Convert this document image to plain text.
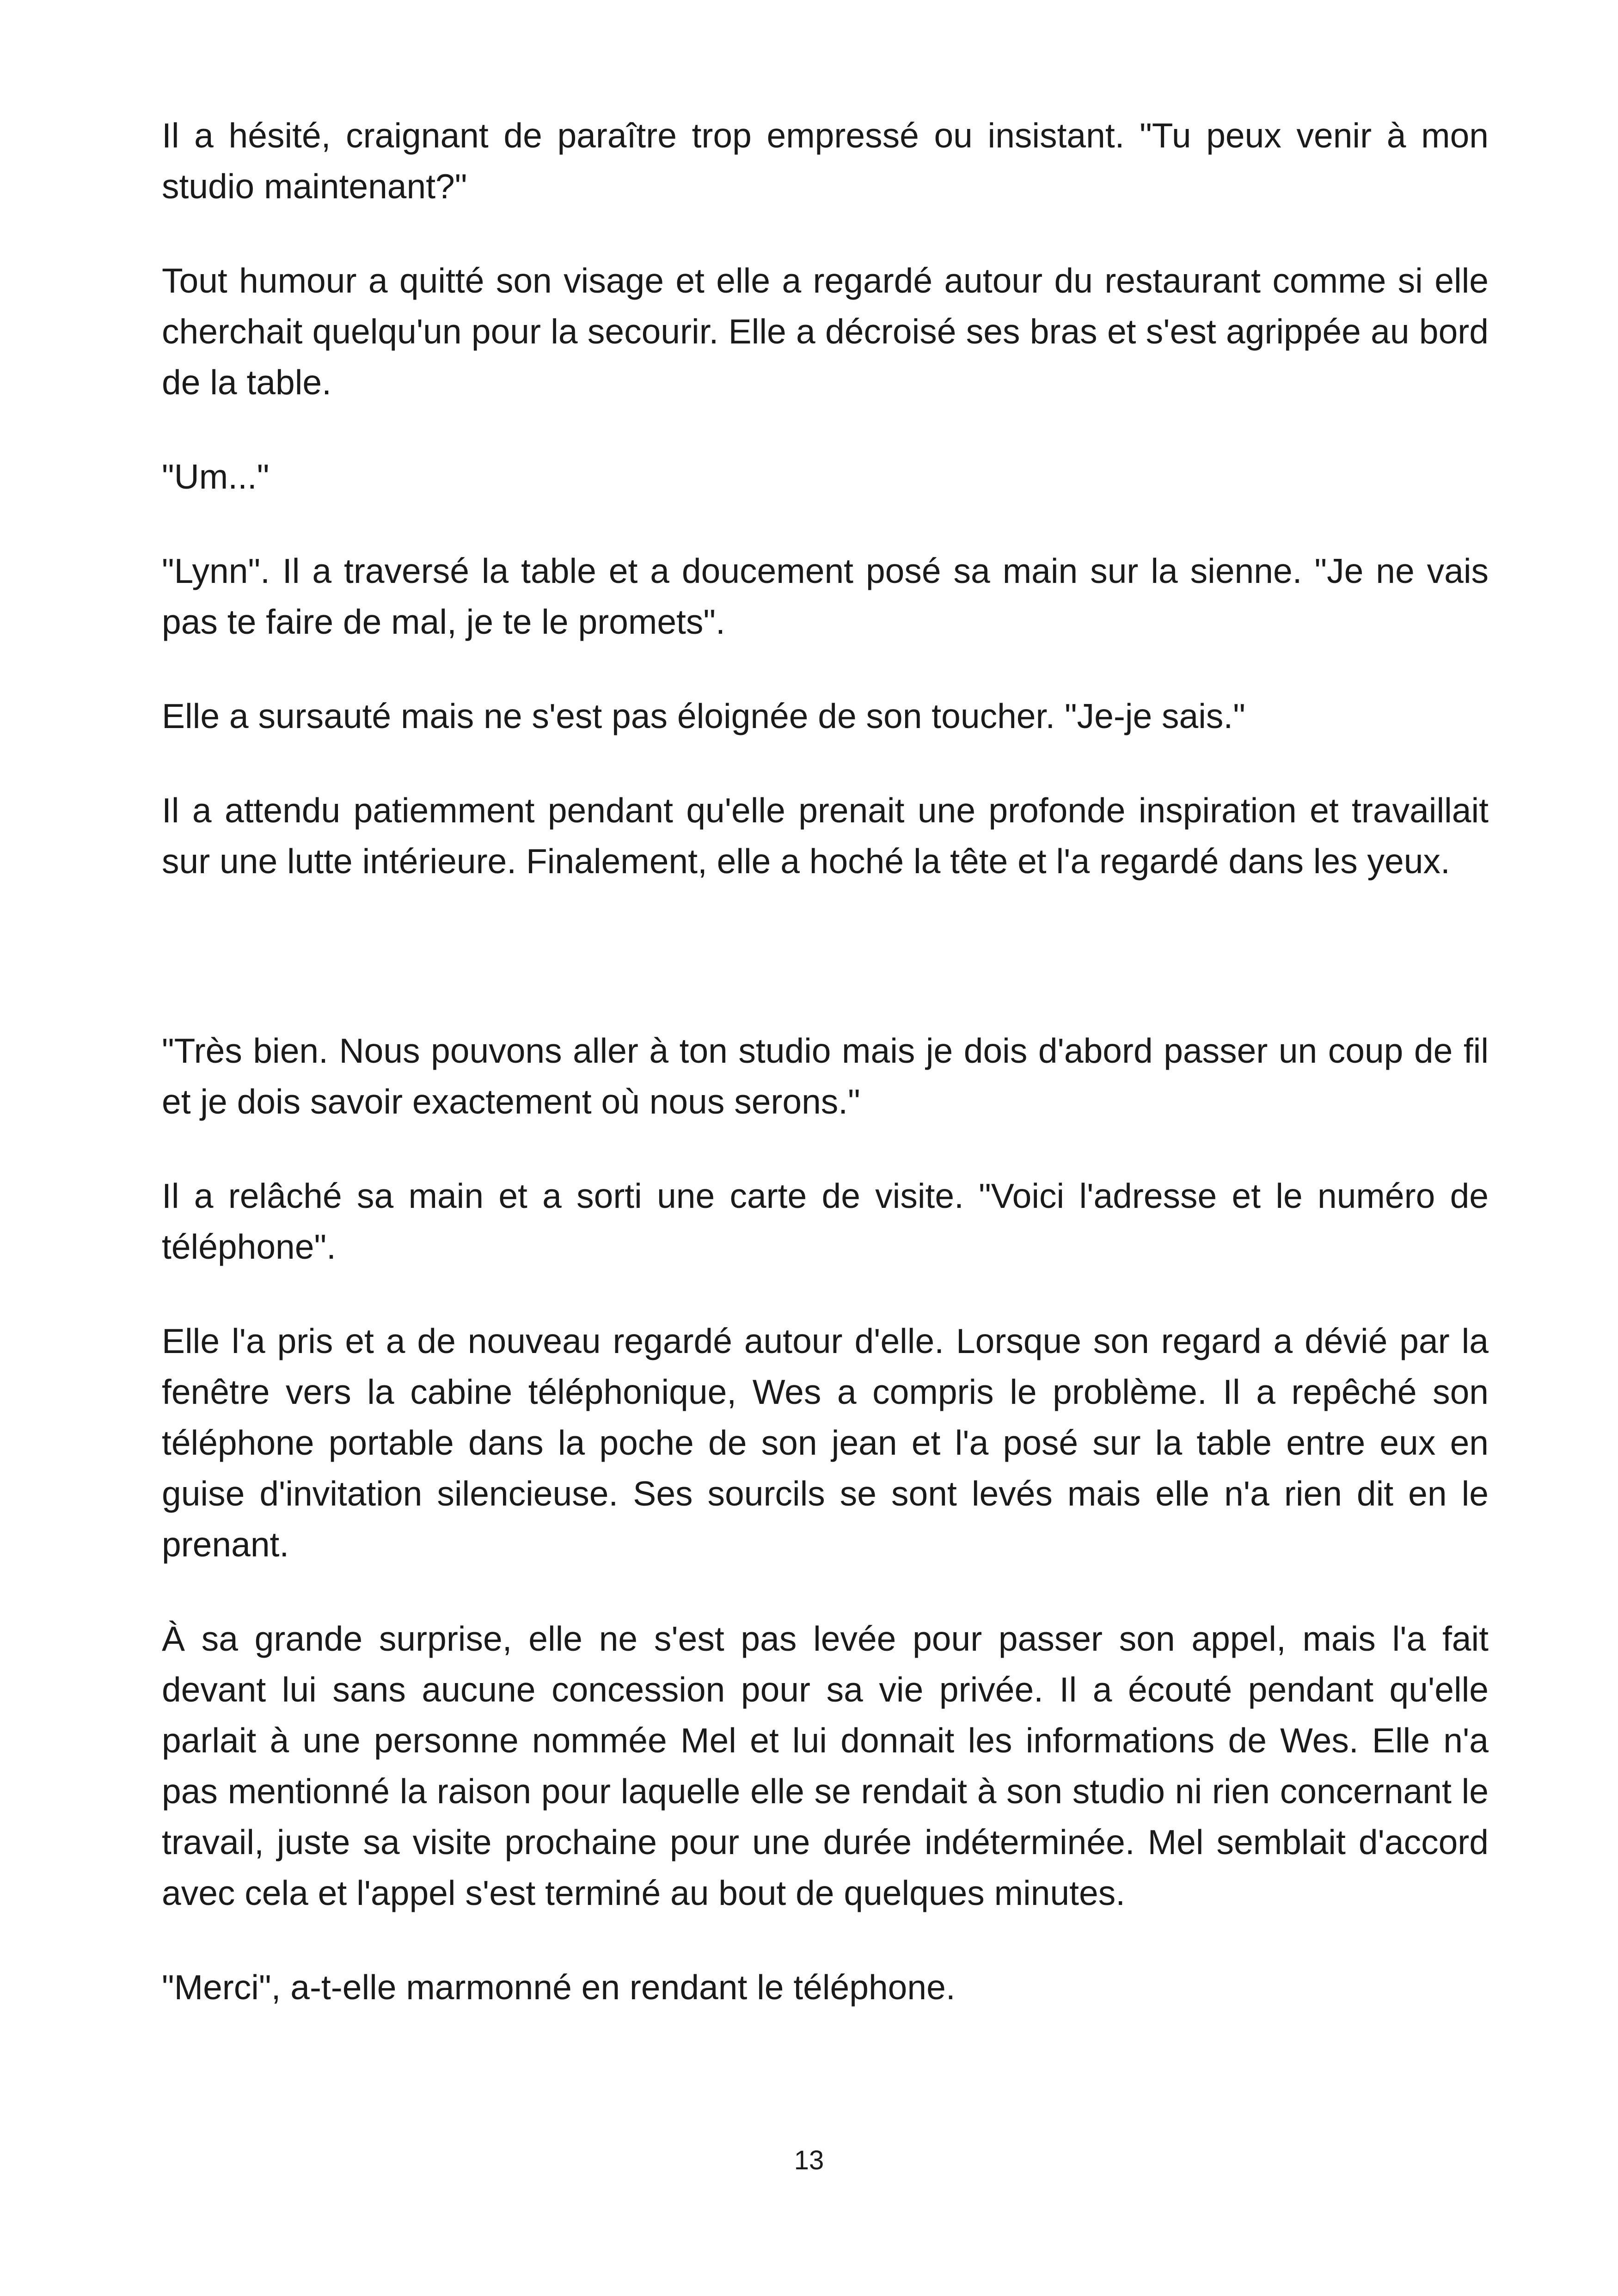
Il a hésité, craignant de paraître trop empressé ou insistant. "Tu peux venir à mon studio maintenant?"

Tout humour a quitté son visage et elle a regardé autour du restaurant comme si elle cherchait quelqu'un pour la secourir. Elle a décroisé ses bras et s'est agrippée au bord de la table.

"Um..."

"Lynn". Il a traversé la table et a doucement posé sa main sur la sienne. "Je ne vais pas te faire de mal, je te le promets".

Elle a sursauté mais ne s'est pas éloignée de son toucher. "Je-je sais."

Il a attendu patiemment pendant qu'elle prenait une profonde inspiration et travaillait sur une lutte intérieure. Finalement, elle a hoché la tête et l'a regardé dans les yeux.

"Très bien. Nous pouvons aller à ton studio mais je dois d'abord passer un coup de fil et je dois savoir exactement où nous serons."

Il a relâché sa main et a sorti une carte de visite. "Voici l'adresse et le numéro de téléphone".

Elle l'a pris et a de nouveau regardé autour d'elle. Lorsque son regard a dévié par la fenêtre vers la cabine téléphonique, Wes a compris le problème. Il a repêché son téléphone portable dans la poche de son jean et l'a posé sur la table entre eux en guise d'invitation silencieuse. Ses sourcils se sont levés mais elle n'a rien dit en le prenant.

À sa grande surprise, elle ne s'est pas levée pour passer son appel, mais l'a fait devant lui sans aucune concession pour sa vie privée. Il a écouté pendant qu'elle parlait à une personne nommée Mel et lui donnait les informations de Wes. Elle n'a pas mentionné la raison pour laquelle elle se rendait à son studio ni rien concernant le travail, juste sa visite prochaine pour une durée indéterminée. Mel semblait d'accord avec cela et l'appel s'est terminé au bout de quelques minutes.

"Merci", a-t-elle marmonné en rendant le téléphone.

13
